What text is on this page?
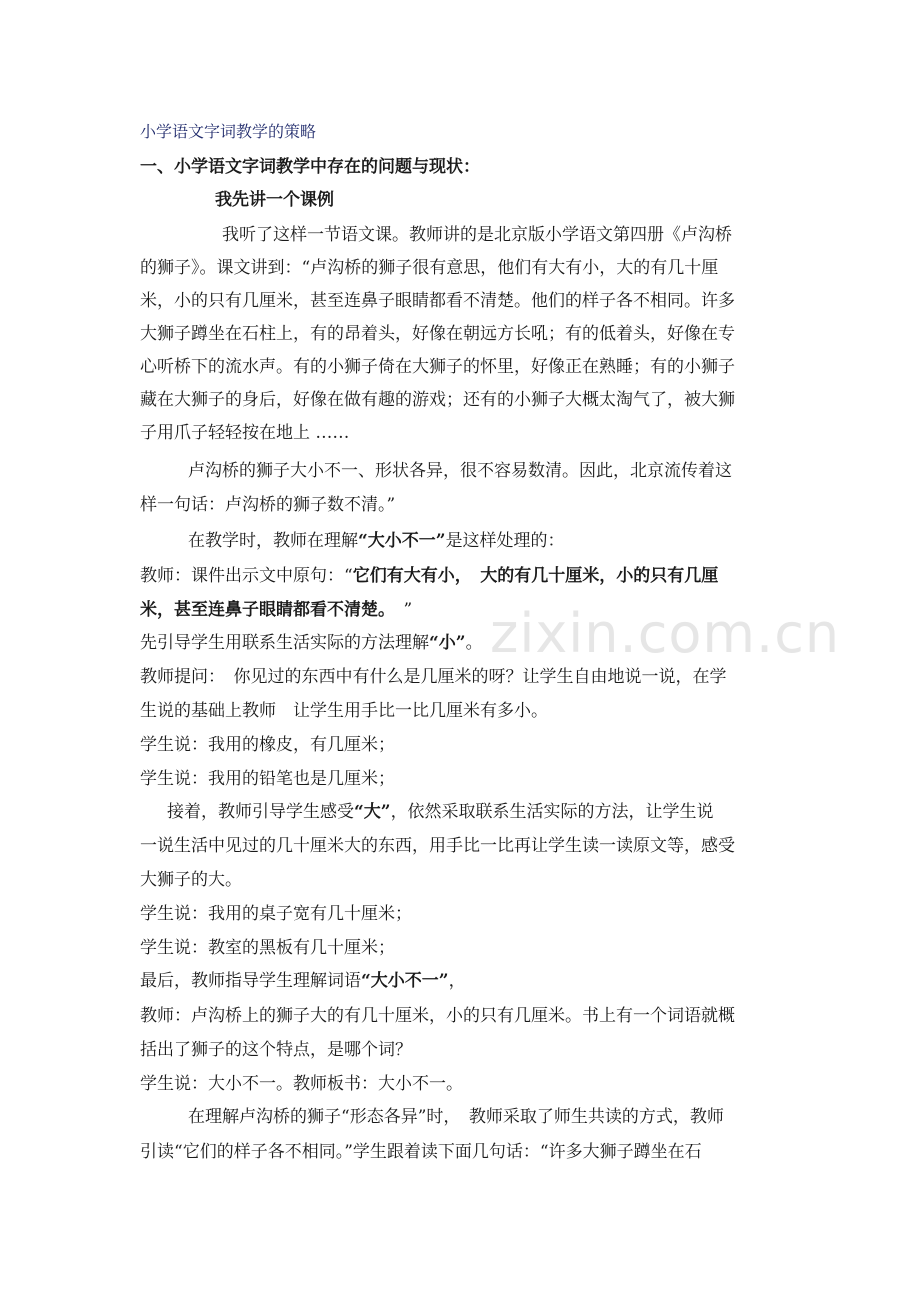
zixin.com.cn
小学语文字词教学的策略
一、小学语文字词教学中存在的问题与现状：
我先讲一个课例
我听了这样一节语文课。教师讲的是北京版小学语文第四册《卢沟桥
的狮子》。课文讲到：“卢沟桥的狮子很有意思，他们有大有小，大的有几十厘
米，小的只有几厘米，甚至连鼻子眼睛都看不清楚。他们的样子各不相同。许多
大狮子蹲坐在石柱上，有的昂着头，好像在朝远方长吼；有的低着头，好像在专
心听桥下的流水声。有的小狮子倚在大狮子的怀里，好像正在熟睡；有的小狮子
藏在大狮子的身后，好像在做有趣的游戏；还有的小狮子大概太淘气了，被大狮
子用爪子轻轻按在地上 ……
卢沟桥的狮子大小不一、形状各异，很不容易数清。因此，北京流传着这
样一句话：卢沟桥的狮子数不清。”
在教学时，教师在理解“大小不一”是这样处理的：
教师：课件出示文中原句：“它们有大有小，　大的有几十厘米，小的只有几厘
米，甚至连鼻子眼睛都看不清楚。　”
先引导学生用联系生活实际的方法理解“小”。
教师提问：　你见过的东西中有什么是几厘米的呀？让学生自由地说一说，在学
生说的基础上教师　让学生用手比一比几厘米有多小。
学生说：我用的橡皮，有几厘米；
学生说：我用的铅笔也是几厘米；
接着，教师引导学生感受“大”，依然采取联系生活实际的方法，让学生说
一说生活中见过的几十厘米大的东西，用手比一比再让学生读一读原文等，感受
大狮子的大。
学生说：我用的桌子宽有几十厘米；
学生说：教室的黑板有几十厘米；
最后，教师指导学生理解词语“大小不一”，
教师：卢沟桥上的狮子大的有几十厘米，小的只有几厘米。书上有一个词语就概
括出了狮子的这个特点，是哪个词？
学生说：大小不一。教师板书：大小不一。
在理解卢沟桥的狮子“形态各异”时，　教师采取了师生共读的方式，教师
引读“它们的样子各不相同。”学生跟着读下面几句话：“许多大狮子蹲坐在石
